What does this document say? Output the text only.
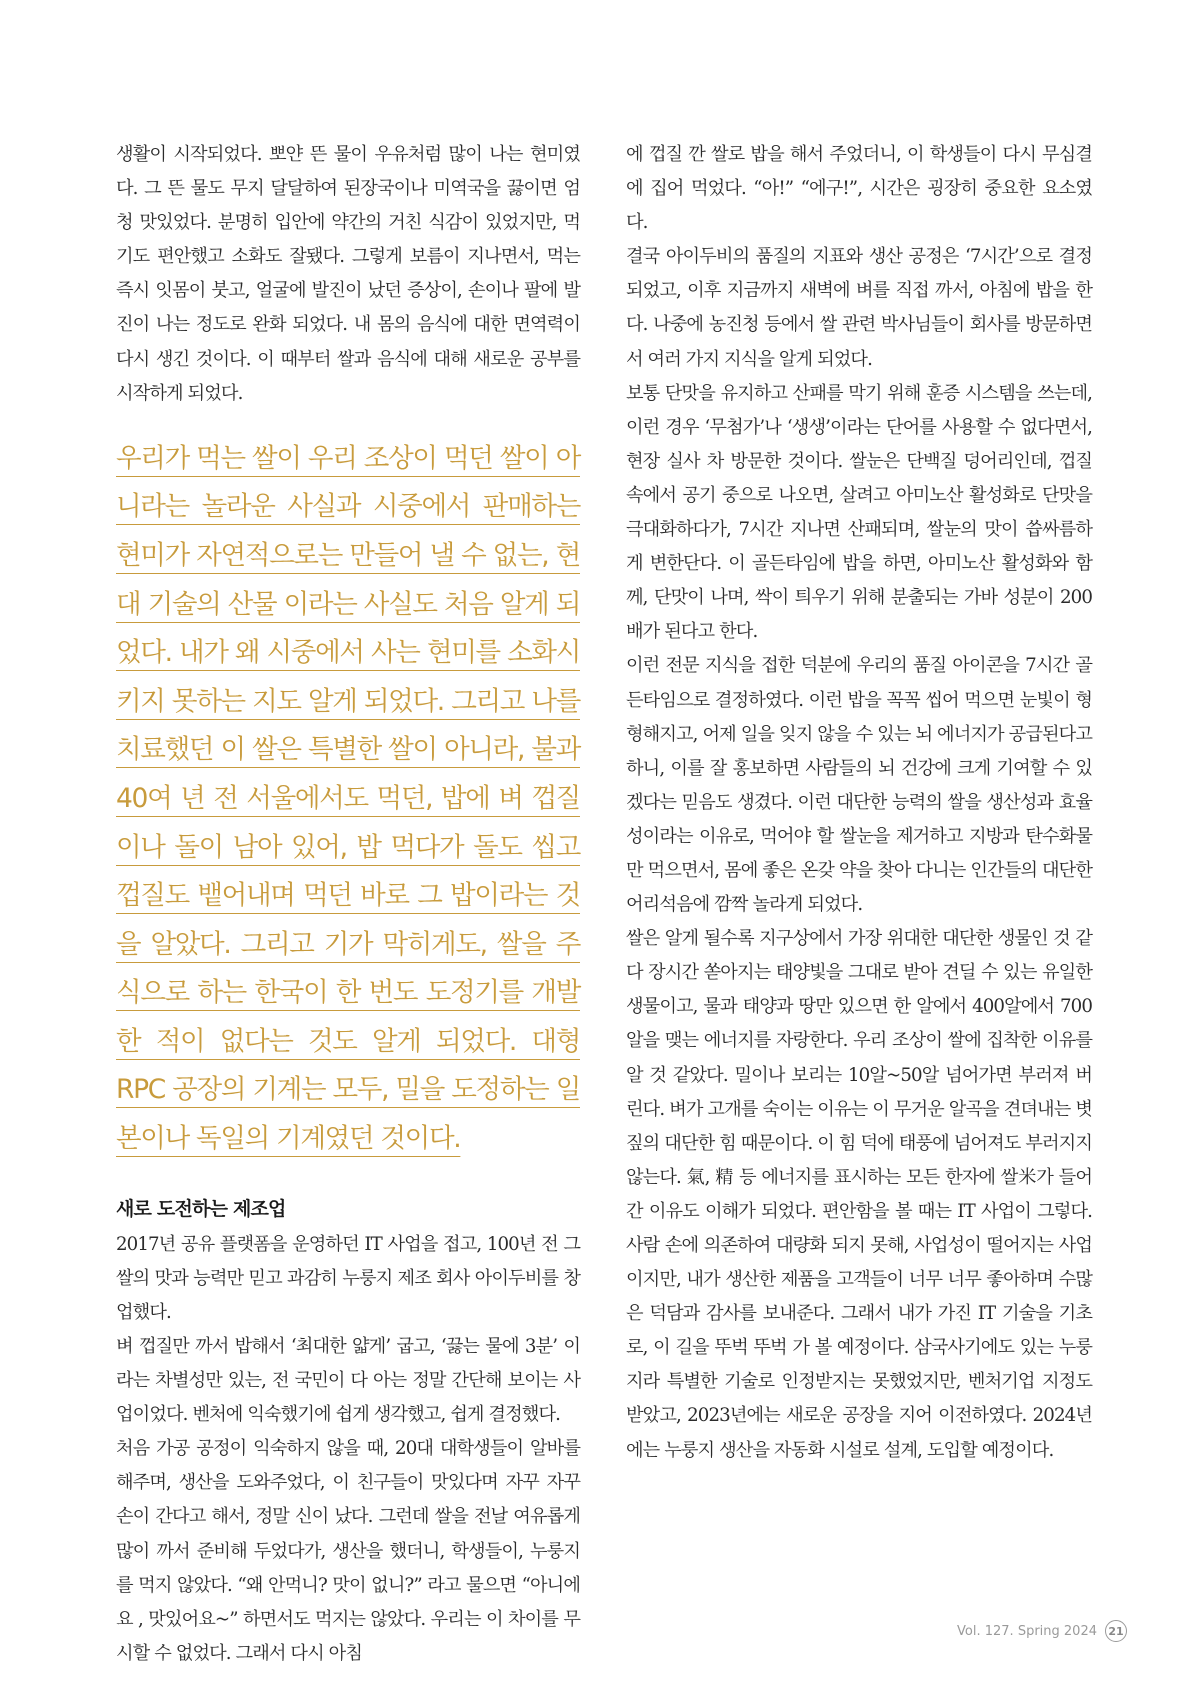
생활이 시작되었다. 뽀얀 뜬 물이 우유처럼 많이 나는 현미였다. 그 뜬 물도 무지 달달하여 된장국이나 미역국을 끓이면 엄청 맛있었다. 분명히 입안에 약간의 거친 식감이 있었지만, 먹기도 편안했고 소화도 잘됐다. 그렇게 보름이 지나면서, 먹는 즉시 잇몸이 붓고, 얼굴에 발진이 났던 증상이, 손이나 팔에 발진이 나는 정도로 완화 되었다. 내 몸의 음식에 대한 면역력이 다시 생긴 것이다. 이 때부터 쌀과 음식에 대해 새로운 공부를 시작하게 되었다.

우리가 먹는 쌀이 우리 조상이 먹던 쌀이 아니라는 놀라운 사실과 시중에서 판매하는 현미가 자연적으로는 만들어 낼 수 없는, 현대 기술의 산물 이라는 사실도 처음 알게 되었다. 내가 왜 시중에서 사는 현미를 소화시키지 못하는 지도 알게 되었다. 그리고 나를 치료했던 이 쌀은 특별한 쌀이 아니라, 불과 40여 년 전 서울에서도 먹던, 밥에 벼 껍질이나 돌이 남아 있어, 밥 먹다가 돌도 씹고 껍질도 뱉어내며 먹던 바로 그 밥이라는 것을 알았다. 그리고 기가 막히게도, 쌀을 주식으로 하는 한국이 한 번도 도정기를 개발한 적이 없다는 것도 알게 되었다. 대형 RPC 공장의 기계는 모두, 밀을 도정하는 일본이나 독일의 기계였던 것이다.
새로 도전하는 제조업

2017년 공유 플랫폼을 운영하던 IT 사업을 접고, 100년 전 그 쌀의 맛과 능력만 믿고 과감히 누룽지 제조 회사 아이두비를 창업했다.

벼 껍질만 까서 밥해서 ‘최대한 얇게’ 굽고, ‘끓는 물에 3분’ 이라는 차별성만 있는, 전 국민이 다 아는 정말 간단해 보이는 사업이었다. 벤처에 익숙했기에 쉽게 생각했고, 쉽게 결정했다.

처음 가공 공정이 익숙하지 않을 때, 20대 대학생들이 알바를 해주며, 생산을 도와주었다, 이 친구들이 맛있다며 자꾸 자꾸 손이 간다고 해서, 정말 신이 났다. 그런데 쌀을 전날 여유롭게 많이 까서 준비해 두었다가, 생산을 했더니, 학생들이, 누룽지를 먹지 않았다. “왜 안먹니? 맛이 없니?” 라고 물으면 “아니에요 , 맛있어요~” 하면서도 먹지는 않았다. 우리는 이 차이를 무시할 수 없었다. 그래서 다시 아침

에 껍질 깐 쌀로 밥을 해서 주었더니, 이 학생들이 다시 무심결에 집어 먹었다. “아!” “에구!”, 시간은 굉장히 중요한 요소였다.

결국 아이두비의 품질의 지표와 생산 공정은 ‘7시간’으로 결정되었고, 이후 지금까지 새벽에 벼를 직접 까서, 아침에 밥을 한다. 나중에 농진청 등에서 쌀 관련 박사님들이 회사를 방문하면서 여러 가지 지식을 알게 되었다.

보통 단맛을 유지하고 산패를 막기 위해 훈증 시스템을 쓰는데, 이런 경우 ‘무첨가’나 ‘생생’이라는 단어를 사용할 수 없다면서, 현장 실사 차 방문한 것이다. 쌀눈은 단백질 덩어리인데, 껍질 속에서 공기 중으로 나오면, 살려고 아미노산 활성화로 단맛을 극대화하다가, 7시간 지나면 산패되며, 쌀눈의 맛이 씁싸름하게 변한단다. 이 골든타임에 밥을 하면, 아미노산 활성화와 함께, 단맛이 나며, 싹이 틔우기 위해 분출되는 가바 성분이 200배가 된다고 한다.

이런 전문 지식을 접한 덕분에 우리의 품질 아이콘을 7시간 골든타임으로 결정하였다. 이런 밥을 꼭꼭 씹어 먹으면 눈빛이 형형해지고, 어제 일을 잊지 않을 수 있는 뇌 에너지가 공급된다고 하니, 이를 잘 홍보하면 사람들의 뇌 건강에 크게 기여할 수 있겠다는 믿음도 생겼다. 이런 대단한 능력의 쌀을 생산성과 효율성이라는 이유로, 먹어야 할 쌀눈을 제거하고 지방과 탄수화물만 먹으면서, 몸에 좋은 온갖 약을 찾아 다니는 인간들의 대단한 어리석음에 깜짝 놀라게 되었다.

쌀은 알게 될수록 지구상에서 가장 위대한 대단한 생물인 것 같다 장시간 쏟아지는 태양빛을 그대로 받아 견딜 수 있는 유일한 생물이고, 물과 태양과 땅만 있으면 한 알에서 400알에서 700알을 맺는 에너지를 자랑한다. 우리 조상이 쌀에 집착한 이유를 알 것 같았다. 밀이나 보리는 10알~50알 넘어가면 부러져 버린다. 벼가 고개를 숙이는 이유는 이 무거운 알곡을 견뎌내는 볏짚의 대단한 힘 때문이다. 이 힘 덕에 태풍에 넘어져도 부러지지 않는다. 氣, 精 등 에너지를 표시하는 모든 한자에 쌀米가 들어간 이유도 이해가 되었다. 편안함을 볼 때는 IT 사업이 그렇다. 사람 손에 의존하여 대량화 되지 못해, 사업성이 떨어지는 사업이지만, 내가 생산한 제품을 고객들이 너무 너무 좋아하며 수많은 덕담과 감사를 보내준다. 그래서 내가 가진 IT 기술을 기초로, 이 길을 뚜벅 뚜벅 가 볼 예정이다. 삼국사기에도 있는 누룽지라 특별한 기술로 인정받지는 못했었지만, 벤처기업 지정도 받았고, 2023년에는 새로운 공장을 지어 이전하였다. 2024년에는 누룽지 생산을 자동화 시설로 설계, 도입할 예정이다.

Vol. 127. Spring 2024	21
